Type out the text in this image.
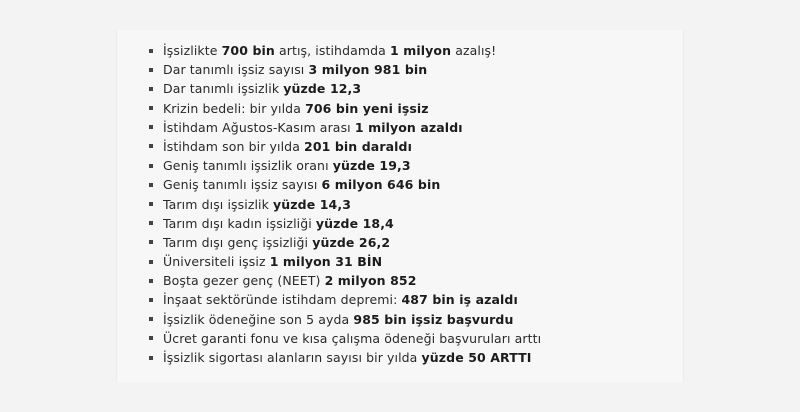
İşsizlikte 700 bin artış, istihdamda 1 milyon azalış!
Dar tanımlı işsiz sayısı 3 milyon 981 bin
Dar tanımlı işsizlik yüzde 12,3
Krizin bedeli: bir yılda 706 bin yeni işsiz
İstihdam Ağustos-Kasım arası 1 milyon azaldı
İstihdam son bir yılda 201 bin daraldı
Geniş tanımlı işsizlik oranı yüzde 19,3
Geniş tanımlı işsiz sayısı 6 milyon 646 bin
Tarım dışı işsizlik yüzde 14,3
Tarım dışı kadın işsizliği yüzde 18,4
Tarım dışı genç işsizliği yüzde 26,2
Üniversiteli işsiz 1 milyon 31 BİN
Boşta gezer genç (NEET) 2 milyon 852
İnşaat sektöründe istihdam depremi: 487 bin iş azaldı
İşsizlik ödeneğine son 5 ayda 985 bin işsiz başvurdu
Ücret garanti fonu ve kısa çalışma ödeneği başvuruları arttı
İşsizlik sigortası alanların sayısı bir yılda yüzde 50 ARTTI
